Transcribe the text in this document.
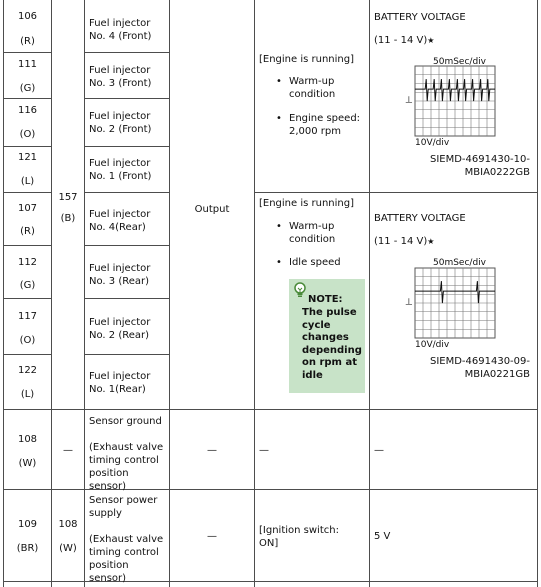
106
(R)
111
(G)
116
(O)
121
(L)
107
(R)
112
(G)
117
(O)
122
(L)
157
(B)
Fuel injector
No. 4 (Front)
Fuel injector
No. 3 (Front)
Fuel injector
No. 2 (Front)
Fuel injector
No. 1 (Front)
Fuel injector
No. 4(Rear)
Fuel injector
No. 3 (Rear)
Fuel injector
No. 2 (Rear)
Fuel injector
No. 1(Rear)
Output
[Engine is running]
• Warm-up
condition
• Engine speed:
2,000 rpm
[Engine is running]
• Warm-up
condition
• Idle speed
NOTE:
The pulse
cycle
changes
depending
on rpm at
idle
BATTERY VOLTAGE
(11 - 14 V)★
50mSec/div
⊥
10V/div
SIEMD-4691430-10-
MBIA0222GB
BATTERY VOLTAGE
(11 - 14 V)★
50mSec/div
⊥
10V/div
SIEMD-4691430-09-
MBIA0221GB
108
(W)
—
Sensor ground

(Exhaust valve
timing control
position
sensor)
—	—	—
109
(BR)
108
(W)
Sensor power
supply

(Exhaust valve
timing control
position
sensor)
—
[Ignition switch:
ON]
5 V
